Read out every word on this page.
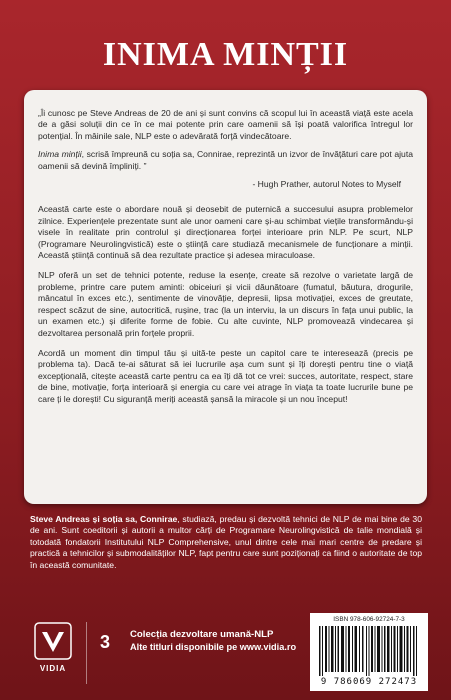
INIMA MINȚII

„Îi cunosc pe Steve Andreas de 20 de ani și sunt convins că scopul lui în această viață este acela de a găsi soluții din ce în ce mai potente prin care oamenii să își poată valorifica întregul lor potențial. În mâinile sale, NLP este o adevărată forță vindecătoare.

Inima minții, scrisă împreună cu soția sa, Connirae, reprezintă un izvor de învățături care pot ajuta oamenii să devină împliniți. ”

- Hugh Prather, autorul Notes to Myself

Această carte este o abordare nouă și deosebit de puternică a succesului asupra problemelor zilnice. Experiențele prezentate sunt ale unor oameni care și-au schimbat viețile transformându-și visele în realitate prin controlul și direcționarea forței interioare prin NLP. Pe scurt, NLP (Programare Neurolingvistică) este o știință care studiază mecanismele de funcționare a minții. Această știință continuă să dea rezultate practice și adesea miraculoase.

NLP oferă un set de tehnici potente, reduse la esențe, create să rezolve o varietate largă de probleme, printre care putem aminti: obiceiuri și vicii dăunătoare (fumatul, băutura, drogurile, mâncatul în exces etc.), sentimente de vinovăție, depresii, lipsa motivației, exces de greutate, respect scăzut de sine, autocritică, rușine, trac (la un interviu, la un discurs în fața unui public, la un examen etc.) și diferite forme de fobie. Cu alte cuvinte, NLP promovează vindecarea și dezvoltarea personală prin forțele proprii.

Acordă un moment din timpul tău și uită-te peste un capitol care te interesează (precis pe problema ta). Dacă te-ai săturat să iei lucrurile așa cum sunt și îți dorești pentru tine o viață excepțională, citește această carte pentru ca ea îți dă tot ce vrei: succes, autoritate, respect, stare de bine, motivație, forța interioară și energia cu care vei atrage în viața ta toate lucrurile bune pe care ți le dorești! Cu siguranță meriți această șansă la miracole și un nou început!

Steve Andreas și soția sa, Connirae, studiază, predau și dezvoltă tehnici de NLP de mai bine de 30 de ani. Sunt coeditorii și autorii a multor cărți de Programare Neurolingvistică de talie mondială și totodată fondatorii Institutului NLP Comprehensive, unul dintre cele mai mari centre de predare și practică a tehnicilor și submodalităților NLP, fapt pentru care sunt poziționați ca fiind o autoritate de top în această comunitate.
VIDIA
3	Colecția dezvoltare umană-NLP
Alte titluri disponibile pe www.vidia.ro
ISBN 978-606-92724-7-3
9 786069 272473
